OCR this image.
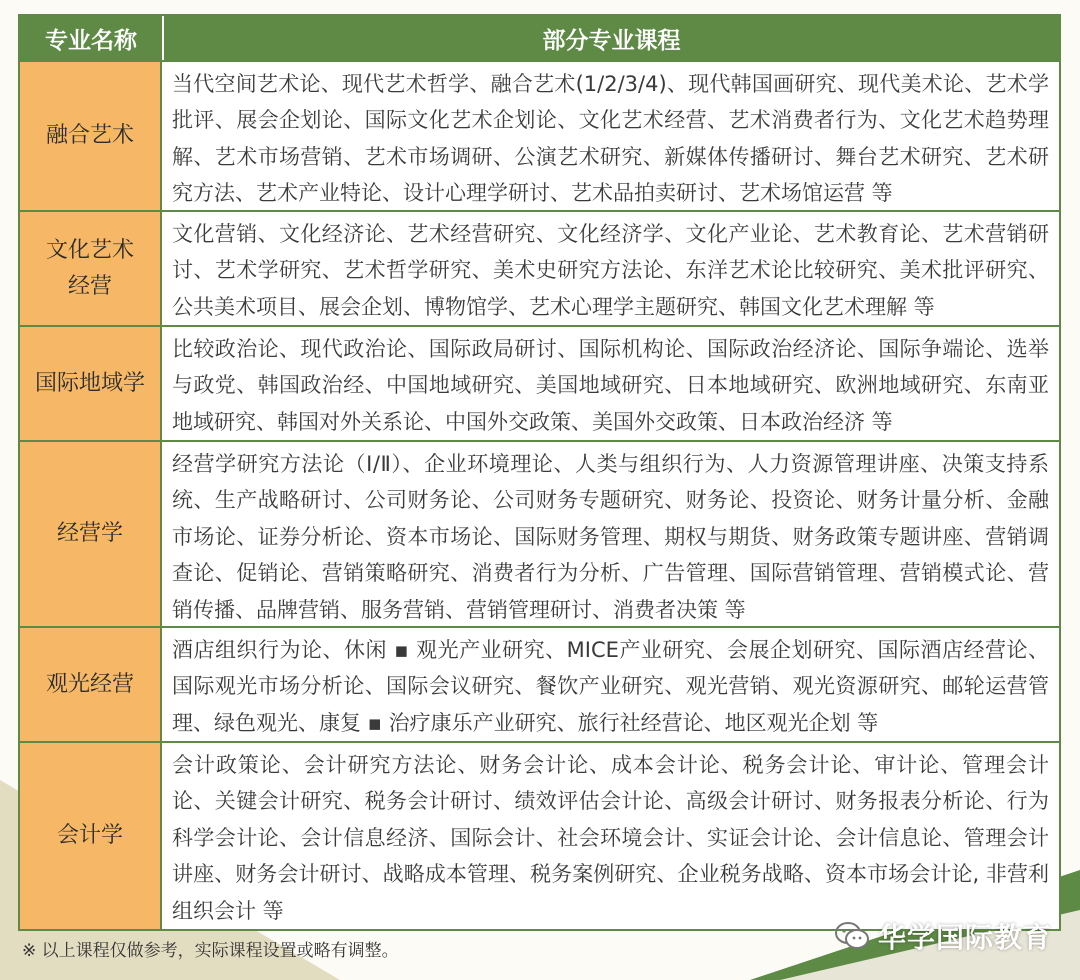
专业名称	部分专业课程
融合艺术
当代空间艺术论、现代艺术哲学、融合艺术(1/2/3/4)、现代韩国画研究、现代美术论、艺术学批评、展会企划论、国际文化艺术企划论、文化艺术经营、艺术消费者行为、文化艺术趋势理解、艺术市场营销、艺术市场调研、公演艺术研究、新媒体传播研讨、舞台艺术研究、艺术研究方法、艺术产业特论、设计心理学研讨、艺术品拍卖研讨、艺术场馆运营 等
文化艺术经营
文化营销、文化经济论、艺术经营研究、文化经济学、文化产业论、艺术教育论、艺术营销研讨、艺术学研究、艺术哲学研究、美术史研究方法论、东洋艺术论比较研究、美术批评研究、公共美术项目、展会企划、博物馆学、艺术心理学主题研究、韩国文化艺术理解 等
国际地域学
比较政治论、现代政治论、国际政局研讨、国际机构论、国际政治经济论、国际争端论、选举与政党、韩国政治经、中国地域研究、美国地域研究、日本地域研究、欧洲地域研究、东南亚地域研究、韩国对外关系论、中国外交政策、美国外交政策、日本政治经济 等
经营学
经营学研究方法论（Ⅰ/Ⅱ）、企业环境理论、人类与组织行为、人力资源管理讲座、决策支持系统、生产战略研讨、公司财务论、公司财务专题研究、财务论、投资论、财务计量分析、金融市场论、证券分析论、资本市场论、国际财务管理、期权与期货、财务政策专题讲座、营销调查论、促销论、营销策略研究、消费者行为分析、广告管理、国际营销管理、营销模式论、营销传播、品牌营销、服务营销、营销管理研讨、消费者决策 等
观光经营
酒店组织行为论、休闲 ▪ 观光产业研究、MICE产业研究、会展企划研究、国际酒店经营论、国际观光市场分析论、国际会议研究、餐饮产业研究、观光营销、观光资源研究、邮轮运营管理、绿色观光、康复 ▪ 治疗康乐产业研究、旅行社经营论、地区观光企划 等
会计学
会计政策论、会计研究方法论、财务会计论、成本会计论、税务会计论、审计论、管理会计论、关键会计研究、税务会计研讨、绩效评估会计论、高级会计研讨、财务报表分析论、行为科学会计论、会计信息经济、国际会计、社会环境会计、实证会计论、会计信息论、管理会计讲座、财务会计研讨、战略成本管理、税务案例研究、企业税务战略、资本市场会计论, 非营利组织会计 等
※ 以上课程仅做参考，实际课程设置或略有调整。	华学国际教育
